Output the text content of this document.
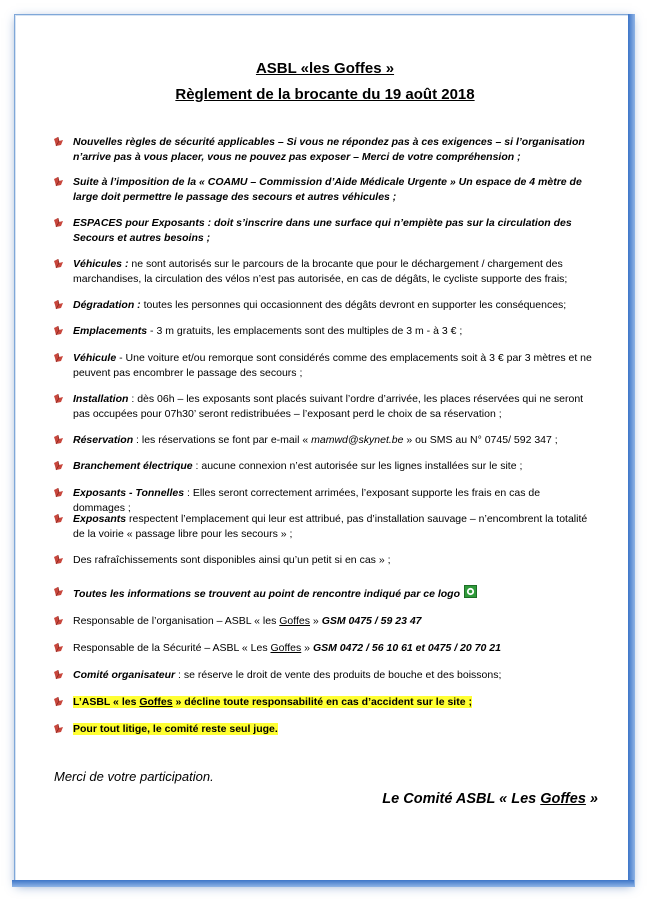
ASBL «les Goffes »
Règlement de la brocante du 19 août 2018
Nouvelles règles de sécurité applicables – Si vous ne répondez pas à ces exigences – si l’organisation n’arrive pas à vous placer, vous ne pouvez pas exposer – Merci de votre compréhension ;
Suite à l’imposition de la « COAMU – Commission d’Aide Médicale Urgente » Un espace de 4 mètre de large doit permettre le passage des secours et autres véhicules ;
ESPACES pour Exposants : doit s’inscrire dans une surface qui n’empiète pas sur la circulation des Secours et autres besoins ;
Véhicules : ne sont autorisés sur le parcours de la brocante que pour le déchargement / chargement des marchandises, la circulation des vélos n’est pas autorisée, en cas de dégâts, le cycliste supporte des frais;
Dégradation : toutes les personnes qui occasionnent des dégâts devront en supporter les conséquences;
Emplacements - 3 m gratuits, les emplacements sont des multiples de 3 m - à 3 € ;
Véhicule - Une voiture et/ou remorque sont considérés comme des emplacements soit à 3 € par 3 mètres et ne peuvent pas encombrer le passage des secours ;
Installation : dès 06h – les exposants sont placés suivant l’ordre d’arrivée, les places réservées qui ne seront pas occupées pour 07h30’ seront redistribuées – l’exposant perd le choix de sa réservation ;
Réservation : les réservations se font par e-mail « mamwd@skynet.be » ou SMS au N° 0745/ 592 347 ;
Branchement électrique : aucune connexion n’est autorisée sur les lignes installées sur le site ;
Exposants - Tonnelles : Elles seront correctement arrimées, l’exposant supporte les frais en cas de dommages ;
Exposants respectent l’emplacement qui leur est attribué, pas d’installation sauvage – n’encombrent la totalité de la voirie « passage libre pour les secours » ;
Des rafraîchissements sont disponibles ainsi qu’un petit si en cas » ;
Toutes les informations se trouvent au point de rencontre indiqué par ce logo
Responsable de l’organisation – ASBL « les Goffes » GSM 0475 / 59 23 47
Responsable de la Sécurité – ASBL « Les Goffes » GSM 0472 / 56 10 61 et 0475 / 20 70 21
Comité organisateur : se réserve le droit de vente des produits de bouche et des boissons;
L’ASBL « les Goffes » décline toute responsabilité en cas d’accident sur le site ;
Pour tout litige, le comité reste seul juge.
Merci de votre participation.
Le Comité ASBL « Les Goffes »
